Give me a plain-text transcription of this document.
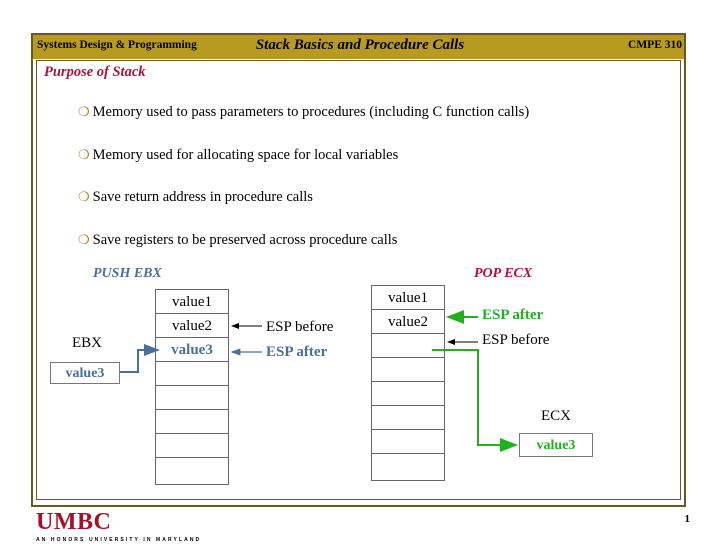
Systems Design & Programming	Stack Basics and Procedure Calls	CMPE 310
Purpose of Stack
❍ Memory used to pass parameters to procedures (including C function calls)
❍ Memory used for allocating space for local variables
❍ Save return address in procedure calls
❍ Save registers to be preserved across procedure calls
PUSH EBX
value1
value2
value3
ESP before
ESP after
EBX
value3
POP ECX
value1
value2	ESP after
ESP before
ECX
value3
UMBC
AN HONORS UNIVERSITY IN MARYLAND
1
